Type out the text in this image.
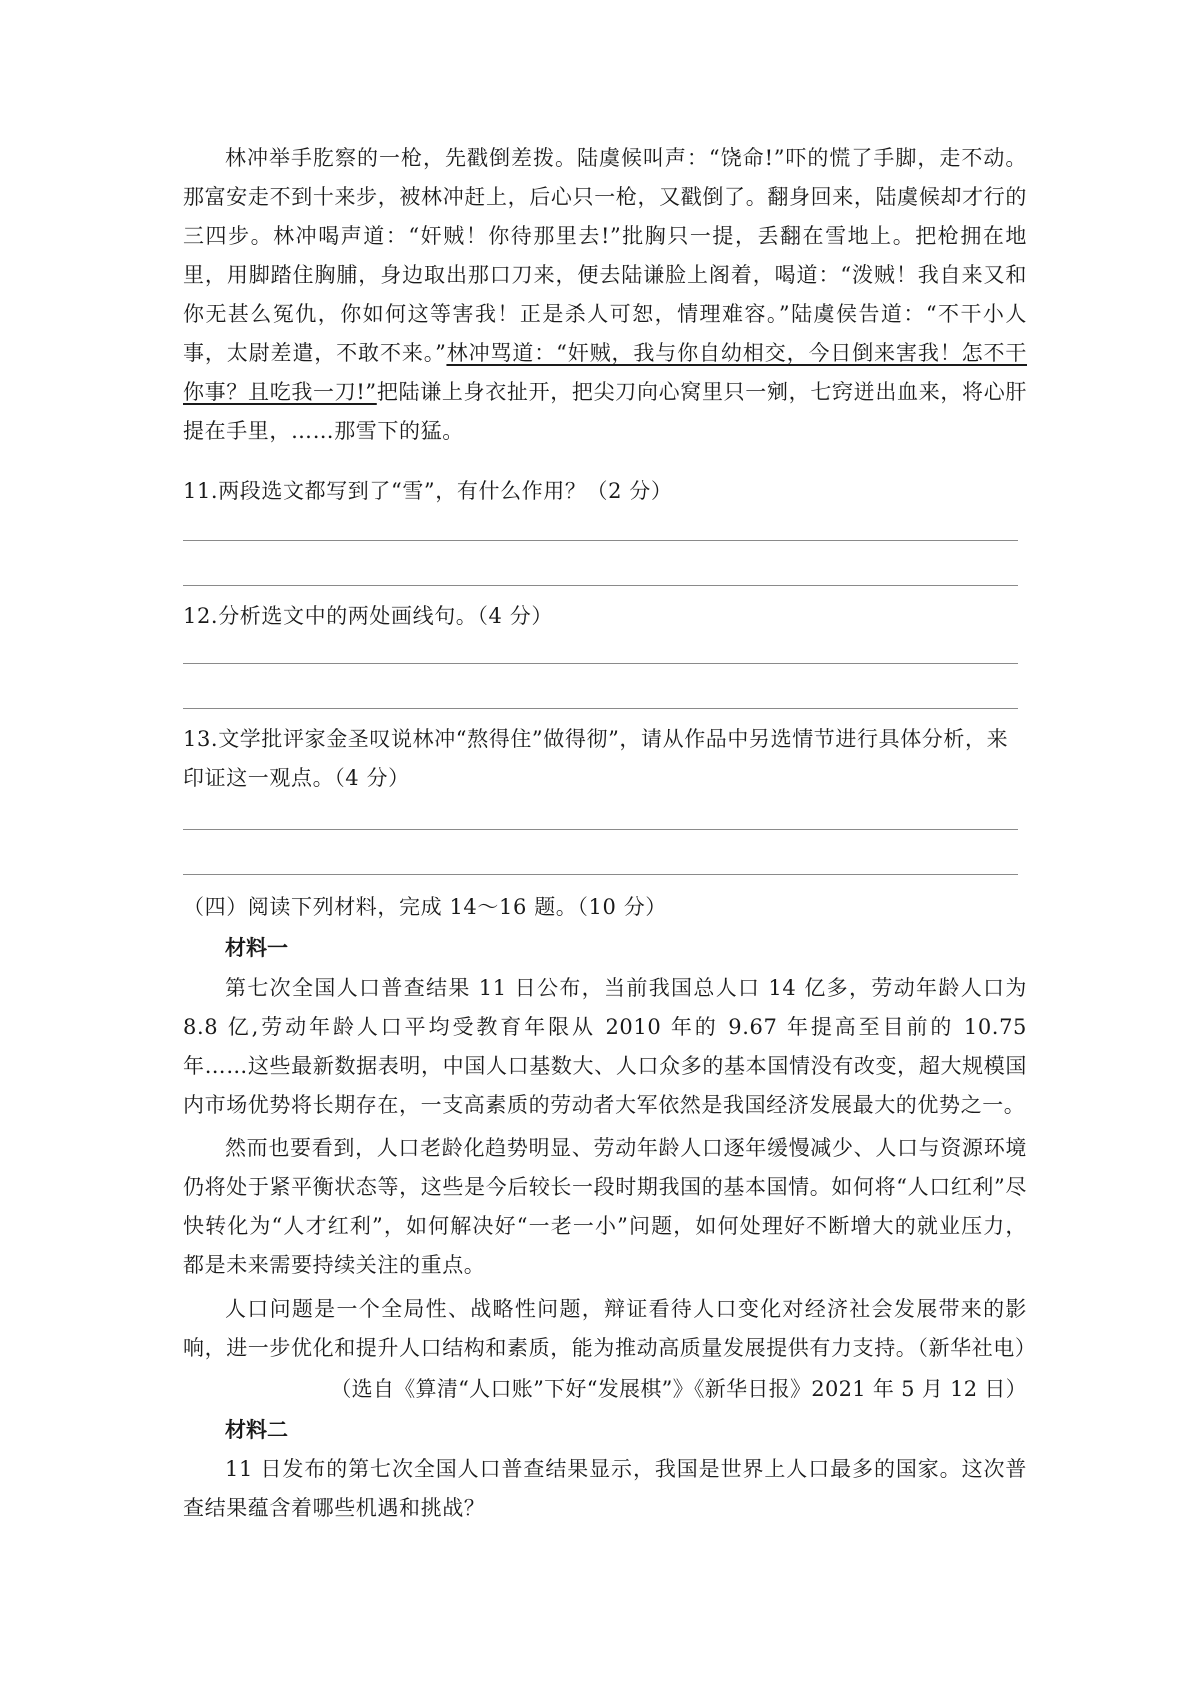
林冲举手肐察的一枪，先戳倒差拨。陆虞候叫声：“饶命!”吓的慌了手脚，走不动。那富安走不到十来步，被林冲赶上，后心只一枪，又戳倒了。翻身回来，陆虞候却才行的三四步。林冲喝声道：“奸贼！你待那里去!”批胸只一提，丢翻在雪地上。把枪拥在地里，用脚踏住胸脯，身边取出那口刀来，便去陆谦脸上阁着，喝道：“泼贼！我自来又和你无甚么冤仇，你如何这等害我！正是杀人可恕，情理难容。”陆虞侯告道：“不干小人事，太尉差遣，不敢不来。”林冲骂道：“奸贼，我与你自幼相交，今日倒来害我！怎不干你事？且吃我一刀!”把陆谦上身衣扯开，把尖刀向心窝里只一剜，七窍迸出血来，将心肝提在手里，……那雪下的猛。

11.两段选文都写到了“雪”，有什么作用？（2 分）

12.分析选文中的两处画线句。（4 分）

13.文学批评家金圣叹说林冲“熬得住”做得彻”，请从作品中另选情节进行具体分析，来印证这一观点。（4 分）

（四）阅读下列材料，完成 14～16 题。（10 分）

材料一

第七次全国人口普查结果 11 日公布，当前我国总人口 14 亿多，劳动年龄人口为 8.8 亿,劳动年龄人口平均受教育年限从 2010 年的 9.67 年提高至目前的 10.75 年……这些最新数据表明，中国人口基数大、人口众多的基本国情没有改变，超大规模国内市场优势将长期存在，一支高素质的劳动者大军依然是我国经济发展最大的优势之一。

然而也要看到，人口老龄化趋势明显、劳动年龄人口逐年缓慢减少、人口与资源环境仍将处于紧平衡状态等，这些是今后较长一段时期我国的基本国情。如何将“人口红利”尽快转化为“人才红利”，如何解决好“一老一小”问题，如何处理好不断增大的就业压力，都是未来需要持续关注的重点。

人口问题是一个全局性、战略性问题，辩证看待人口变化对经济社会发展带来的影响，进一步优化和提升人口结构和素质，能为推动高质量发展提供有力支持。（新华社电）

（选自《算清“人口账”下好“发展棋”》《新华日报》2021 年 5 月 12 日）

材料二

11 日发布的第七次全国人口普查结果显示，我国是世界上人口最多的国家。这次普查结果蕴含着哪些机遇和挑战？
